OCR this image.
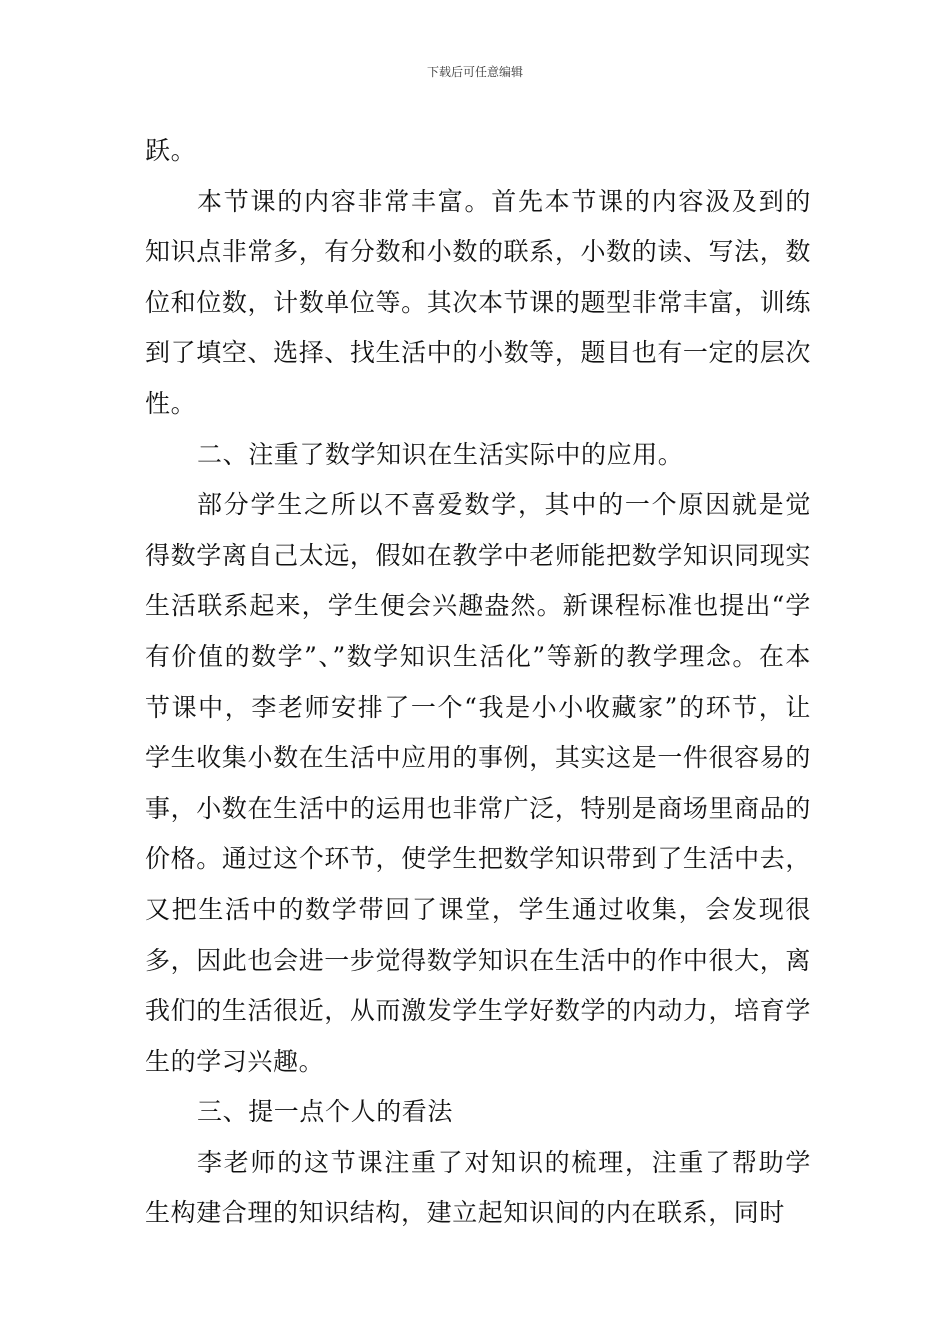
下载后可任意编辑

跃。

本节课的内容非常丰富。首先本节课的内容汲及到的知识点非常多，有分数和小数的联系，小数的读、写法，数位和位数，计数单位等。其次本节课的题型非常丰富，训练到了填空、选择、找生活中的小数等，题目也有一定的层次性。

二、注重了数学知识在生活实际中的应用。

部分学生之所以不喜爱数学，其中的一个原因就是觉得数学离自己太远，假如在教学中老师能把数学知识同现实生活联系起来，学生便会兴趣盎然。新课程标准也提出“学有价值的数学”、”数学知识生活化”等新的教学理念。在本节课中，李老师安排了一个“我是小小收藏家”的环节，让学生收集小数在生活中应用的事例，其实这是一件很容易的事，小数在生活中的运用也非常广泛，特别是商场里商品的价格。通过这个环节，使学生把数学知识带到了生活中去，又把生活中的数学带回了课堂，学生通过收集，会发现很多，因此也会进一步觉得数学知识在生活中的作中很大，离我们的生活很近，从而激发学生学好数学的内动力，培育学生的学习兴趣。

三、提一点个人的看法

李老师的这节课注重了对知识的梳理，注重了帮助学生构建合理的知识结构，建立起知识间的内在联系，同时
